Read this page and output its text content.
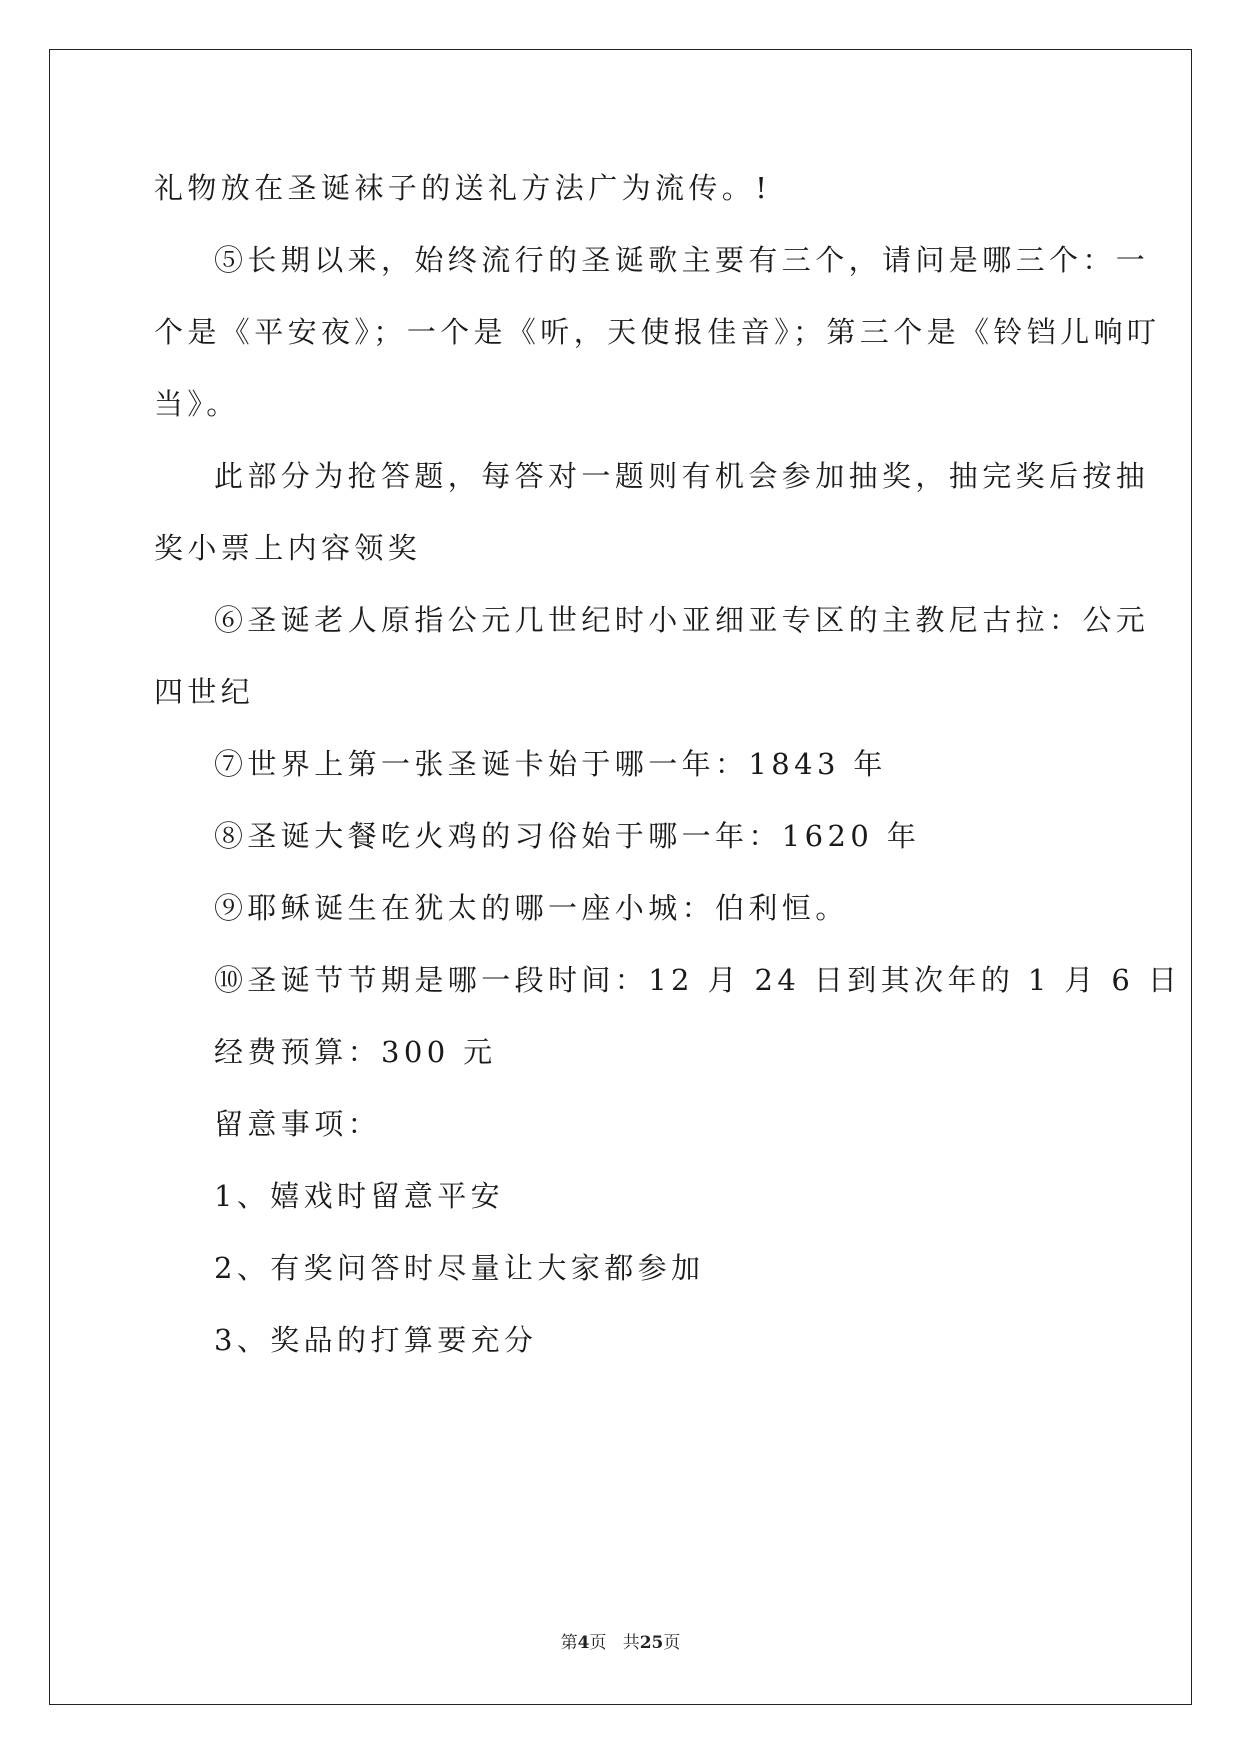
礼物放在圣诞袜子的送礼方法广为流传。!
⑤长期以来，始终流行的圣诞歌主要有三个，请问是哪三个：一
个是《平安夜》；一个是《听，天使报佳音》；第三个是《铃铛儿响叮
当》。
此部分为抢答题，每答对一题则有机会参加抽奖，抽完奖后按抽
奖小票上内容领奖
⑥圣诞老人原指公元几世纪时小亚细亚专区的主教尼古拉：公元
四世纪
⑦世界上第一张圣诞卡始于哪一年：1843 年
⑧圣诞大餐吃火鸡的习俗始于哪一年：1620 年
⑨耶稣诞生在犹太的哪一座小城：伯利恒。
⑩圣诞节节期是哪一段时间：12 月 24 日到其次年的 1 月 6 日
经费预算：300 元
留意事项：
1、嬉戏时留意平安
2、有奖问答时尽量让大家都参加
3、奖品的打算要充分
第4页 共25页
